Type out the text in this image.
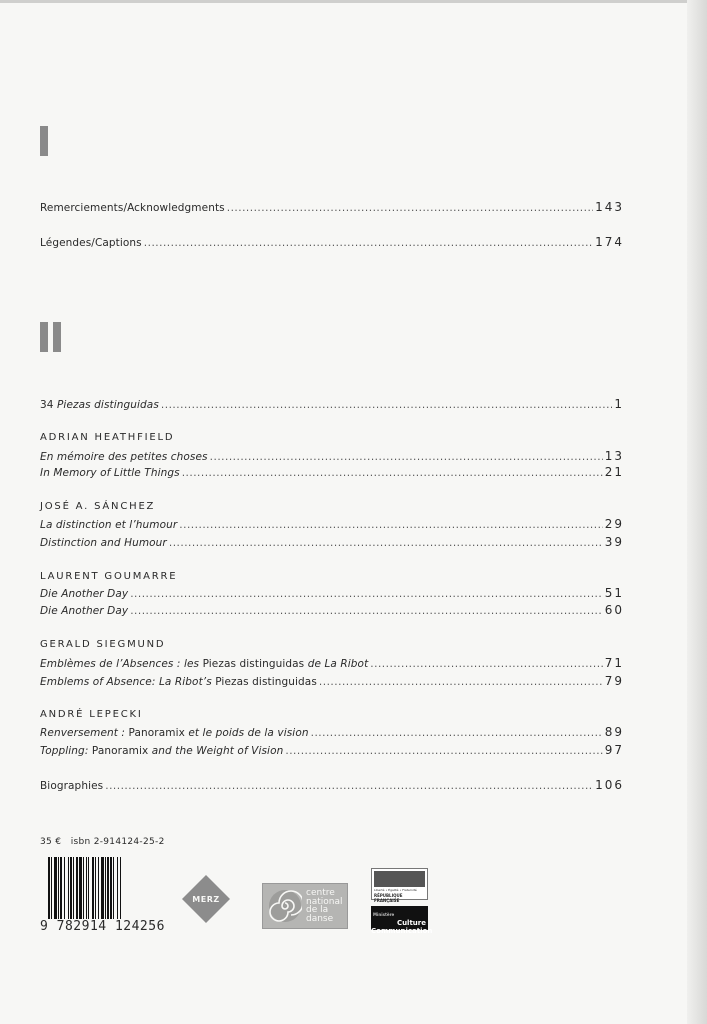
Remerciements/Acknowledgments .....	143
Légendes/Captions .....	174
34 Piezas distinguidas .....	1
ADRIAN HEATHFIELD
En mémoire des petites choses .....	13
In Memory of Little Things .....	21
JOSÉ A. SÁNCHEZ
La distinction et l’humour .....	29
Distinction and Humour .....	39
LAURENT GOUMARRE
Die Another Day .....	51
Die Another Day .....	60
GERALD SIEGMUND
Emblèmes de l’Absences : les Piezas distinguidas de La Ribot .....	71
Emblems of Absence: La Ribot’s Piezas distinguidas .....	79
ANDRÉ LEPECKI
Renversement : Panoramix et le poids de la vision .....	89
Toppling: Panoramix and the Weight of Vision .....	97
Biographies .....	106
35 € isbn 2-914124-25-2
9 782914 124256
MERZ
centre
national
de la
danse
Liberté • Égalité • Fraternité
RÉPUBLIQUE FRANÇAISE
Ministère
Culture
Communication
